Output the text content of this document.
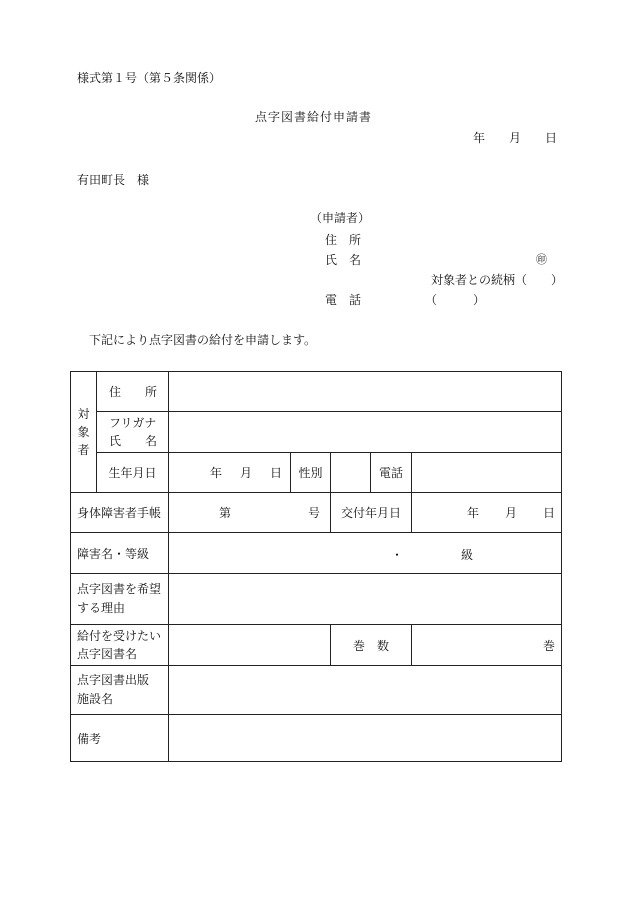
様式第１号（第５条関係）
点字図書給付申請書
年 月 日
有田町長　様
（申請者）
住　所
氏　名	㊞
対象者との続柄（　　）
電　話	（　　　）
下記により点字図書の給付を申請します。
対
象
者	住　　所					

	フリガナ
氏　　名					

	生年月日	年 月 日	性別		電話	
身体障害者手帳		第 号		交付年月日		年 月 日

障害名・等級		・ 級				

点字図書を希望
する理由						

給付を受けたい
点字図書名				巻　数		巻

点字図書出版
施設名						

備考						
